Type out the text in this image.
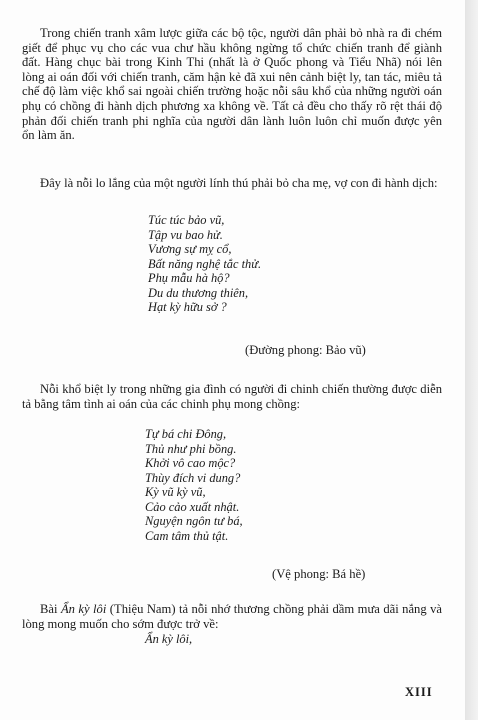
Trong chiến tranh xâm lược giữa các bộ tộc, người dân phải bỏ nhà ra đi chém giết để phục vụ cho các vua chư hầu không ngừng tổ chức chiến tranh để giành đất. Hàng chục bài trong Kinh Thi (nhất là ở Quốc phong và Tiểu Nhã) nói lên lòng ai oán đối với chiến tranh, căm hận kẻ đã xui nên cảnh biệt ly, tan tác, miêu tả chế độ làm việc khổ sai ngoài chiến trường hoặc nỗi sâu khổ của những người oán phụ có chồng đi hành dịch phương xa không về. Tất cả đều cho thấy rõ rệt thái độ phản đối chiến tranh phi nghĩa của người dân lành luôn luôn chỉ muốn được yên ổn làm ăn.

Đây là nỗi lo lắng của một người lính thú phải bỏ cha mẹ, vợ con đi hành dịch:

Túc túc bảo vũ,
Tập vu bao hử.
Vương sự mỵ cổ,
Bất năng nghệ tắc thử.
Phụ mẫu hà hộ?
Du du thương thiên,
Hạt kỳ hữu sở ?

(Đường phong: Bảo vũ)

Nỗi khổ biệt ly trong những gia đình có người đi chinh chiến thường được diễn tả bằng tâm tình ai oán của các chinh phụ mong chồng:

Tự bá chi Đông,
Thủ như phi bồng.
Khởi vô cao mộc?
Thùy đích vi dung?
Kỳ vũ kỳ vũ,
Cảo cảo xuất nhật.
Nguyện ngôn tư bá,
Cam tâm thủ tật.

(Vệ phong: Bá hề)

Bài Ẩn kỳ lôi (Thiệu Nam) tả nỗi nhớ thương chồng phải dầm mưa dãi nắng và lòng mong muốn cho sớm được trở về:

Ẩn kỳ lôi,

XIII
